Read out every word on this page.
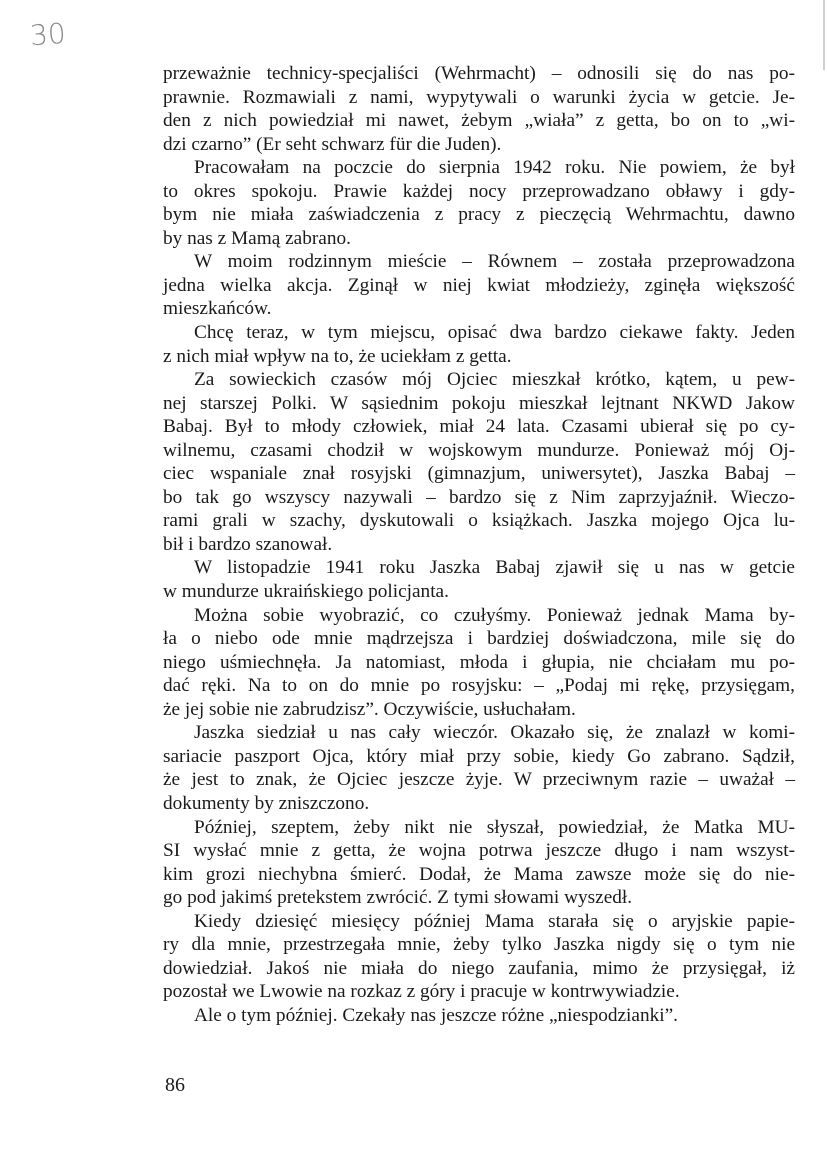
30

przeważnie technicy-specjaliści (Wehrmacht) – odnosili się do nas po-
prawnie. Rozmawiali z nami, wypytywali o warunki życia w getcie. Je-
den z nich powiedział mi nawet, żebym „wiała” z getta, bo on to „wi-
dzi czarno” (Er seht schwarz für die Juden).

Pracowałam na poczcie do sierpnia 1942 roku. Nie powiem, że był
to okres spokoju. Prawie każdej nocy przeprowadzano obławy i gdy-
bym nie miała zaświadczenia z pracy z pieczęcią Wehrmachtu, dawno
by nas z Mamą zabrano.

W moim rodzinnym mieście – Równem – została przeprowadzona
jedna wielka akcja. Zginął w niej kwiat młodzieży, zginęła większość
mieszkańców.

Chcę teraz, w tym miejscu, opisać dwa bardzo ciekawe fakty. Jeden
z nich miał wpływ na to, że uciekłam z getta.

Za sowieckich czasów mój Ojciec mieszkał krótko, kątem, u pew-
nej starszej Polki. W sąsiednim pokoju mieszkał lejtnant NKWD Jakow
Babaj. Był to młody człowiek, miał 24 lata. Czasami ubierał się po cy-
wilnemu, czasami chodził w wojskowym mundurze. Ponieważ mój Oj-
ciec wspaniale znał rosyjski (gimnazjum, uniwersytet), Jaszka Babaj –
bo tak go wszyscy nazywali – bardzo się z Nim zaprzyjaźnił. Wieczo-
rami grali w szachy, dyskutowali o książkach. Jaszka mojego Ojca lu-
bił i bardzo szanował.

W listopadzie 1941 roku Jaszka Babaj zjawił się u nas w getcie
w mundurze ukraińskiego policjanta.

Można sobie wyobrazić, co czułyśmy. Ponieważ jednak Mama by-
ła o niebo ode mnie mądrzejsza i bardziej doświadczona, mile się do
niego uśmiechnęła. Ja natomiast, młoda i głupia, nie chciałam mu po-
dać ręki. Na to on do mnie po rosyjsku: – „Podaj mi rękę, przysięgam,
że jej sobie nie zabrudzisz”. Oczywiście, usłuchałam.

Jaszka siedział u nas cały wieczór. Okazało się, że znalazł w komi-
sariacie paszport Ojca, który miał przy sobie, kiedy Go zabrano. Sądził,
że jest to znak, że Ojciec jeszcze żyje. W przeciwnym razie – uważał –
dokumenty by zniszczono.

Później, szeptem, żeby nikt nie słyszał, powiedział, że Matka MU-
SI wysłać mnie z getta, że wojna potrwa jeszcze długo i nam wszyst-
kim grozi niechybna śmierć. Dodał, że Mama zawsze może się do nie-
go pod jakimś pretekstem zwrócić. Z tymi słowami wyszedł.

Kiedy dziesięć miesięcy później Mama starała się o aryjskie papie-
ry dla mnie, przestrzegała mnie, żeby tylko Jaszka nigdy się o tym nie
dowiedział. Jakoś nie miała do niego zaufania, mimo że przysięgał, iż
pozostał we Lwowie na rozkaz z góry i pracuje w kontrwywiadzie.

Ale o tym później. Czekały nas jeszcze różne „niespodzianki”.

86
